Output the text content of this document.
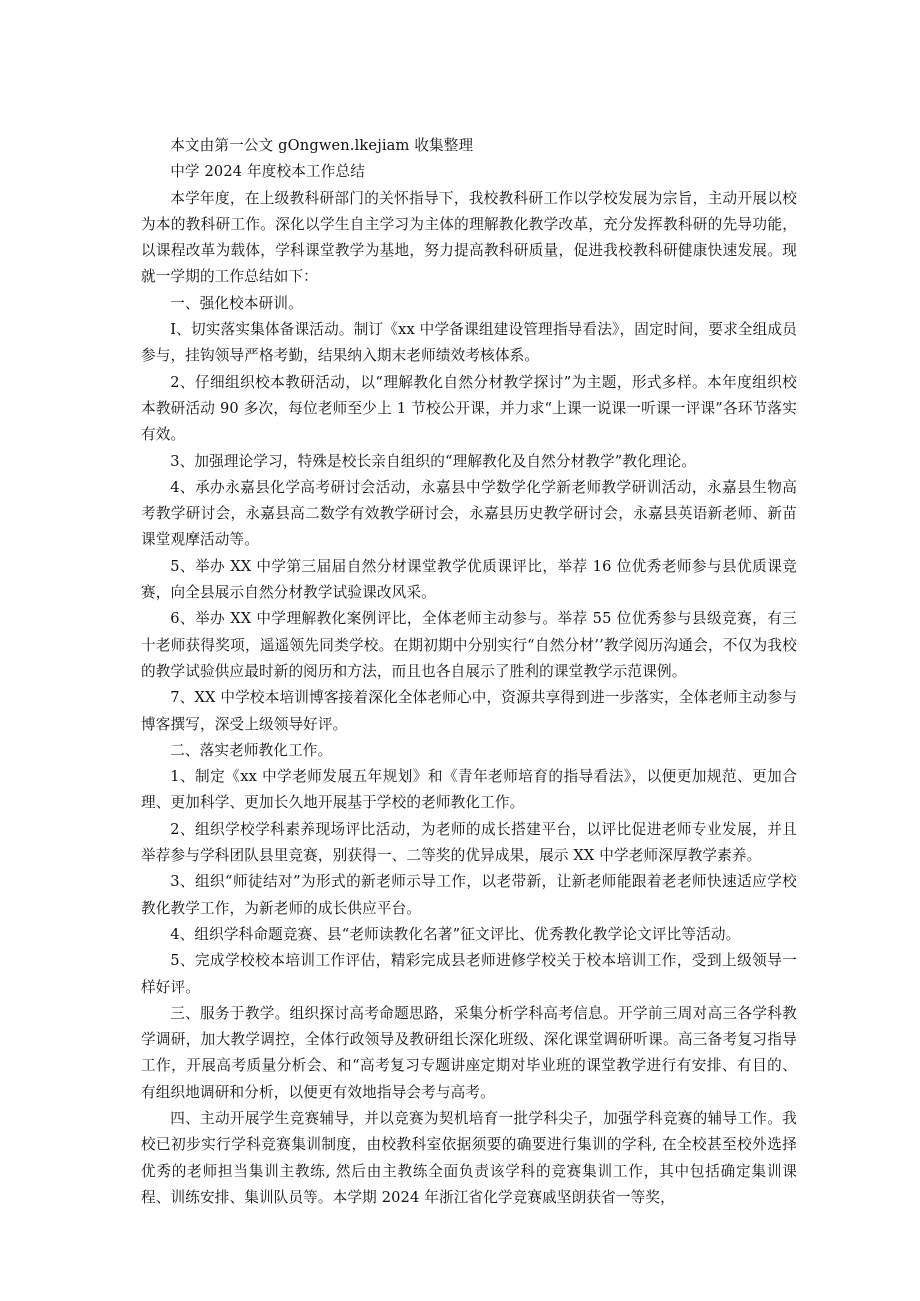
本文由第一公文 gOngwen.lkejiam 收集整理

中学 2024 年度校本工作总结

本学年度，在上级教科研部门的关怀指导下，我校教科研工作以学校发展为宗旨，主动开展以校为本的教科研工作。深化以学生自主学习为主体的理解教化教学改革，充分发挥教科研的先导功能，以课程改革为载体，学科课堂教学为基地，努力提高教科研质量，促进我校教科研健康快速发展。现就一学期的工作总结如下：

一、强化校本研训。

I、切实落实集体备课活动。制订《xx 中学备课组建设管理指导看法》，固定时间，要求全组成员参与，挂钩领导严格考勤，结果纳入期末老师绩效考核体系。

2、仔细组织校本教研活动，以“理解教化自然分材教学探讨”为主题，形式多样。本年度组织校本教研活动 90 多次，每位老师至少上 1 节校公开课，并力求“上课一说课一听课一评课”各环节落实有效。

3、加强理论学习，特殊是校长亲自组织的“理解教化及自然分材教学”教化理论。

4、承办永嘉县化学高考研讨会活动，永嘉县中学数学化学新老师教学研训活动，永嘉县生物高考教学研讨会，永嘉县高二数学有效教学研讨会，永嘉县历史教学研讨会，永嘉县英语新老师、新苗课堂观摩活动等。

5、举办 XX 中学第三届届自然分材课堂教学优质课评比，举荐 16 位优秀老师参与县优质课竞赛，向全县展示自然分材教学试验课改风采。

6、举办 XX 中学理解教化案例评比，全体老师主动参与。举荐 55 位优秀参与县级竞赛，有三十老师获得奖项，遥遥领先同类学校。在期初期中分别实行“自然分材’’教学阅历沟通会，不仅为我校的教学试验供应最时新的阅历和方法，而且也各自展示了胜利的课堂教学示范课例。

7、XX 中学校本培训博客接着深化全体老师心中，资源共享得到进一步落实，全体老师主动参与博客撰写，深受上级领导好评。

二、落实老师教化工作。

1、制定《xx 中学老师发展五年规划》和《青年老师培育的指导看法》，以便更加规范、更加合理、更加科学、更加长久地开展基于学校的老师教化工作。

2、组织学校学科素养现场评比活动，为老师的成长搭建平台，以评比促进老师专业发展，并且举荐参与学科团队县里竞赛，别获得一、二等奖的优异成果，展示 XX 中学老师深厚教学素养。

3、组织“师徒结对”为形式的新老师示导工作，以老带新，让新老师能跟着老老师快速适应学校教化教学工作，为新老师的成长供应平台。

4、组织学科命题竞赛、县“老师读教化名著”征文评比、优秀教化教学论文评比等活动。

5、完成学校校本培训工作评估，精彩完成县老师进修学校关于校本培训工作，受到上级领导一样好评。

三、服务于教学。组织探讨高考命题思路，采集分析学科高考信息。开学前三周对高三各学科教学调研，加大教学调控，全体行政领导及教研组长深化班级、深化课堂调研听课。高三备考复习指导工作，开展高考质量分析会、和“高考复习专题讲座定期对毕业班的课堂教学进行有安排、有目的、有组织地调研和分析，以便更有效地指导会考与高考。

四、主动开展学生竞赛辅导，并以竞赛为契机培育一批学科尖子，加强学科竞赛的辅导工作。我校已初步实行学科竞赛集训制度，由校教科室依据须要的确要进行集训的学科, 在全校甚至校外选择优秀的老师担当集训主教练, 然后由主教练全面负责该学科的竞赛集训工作，其中包括确定集训课程、训练安排、集训队员等。本学期 2024 年浙江省化学竞赛戚坚朗获省一等奖，
